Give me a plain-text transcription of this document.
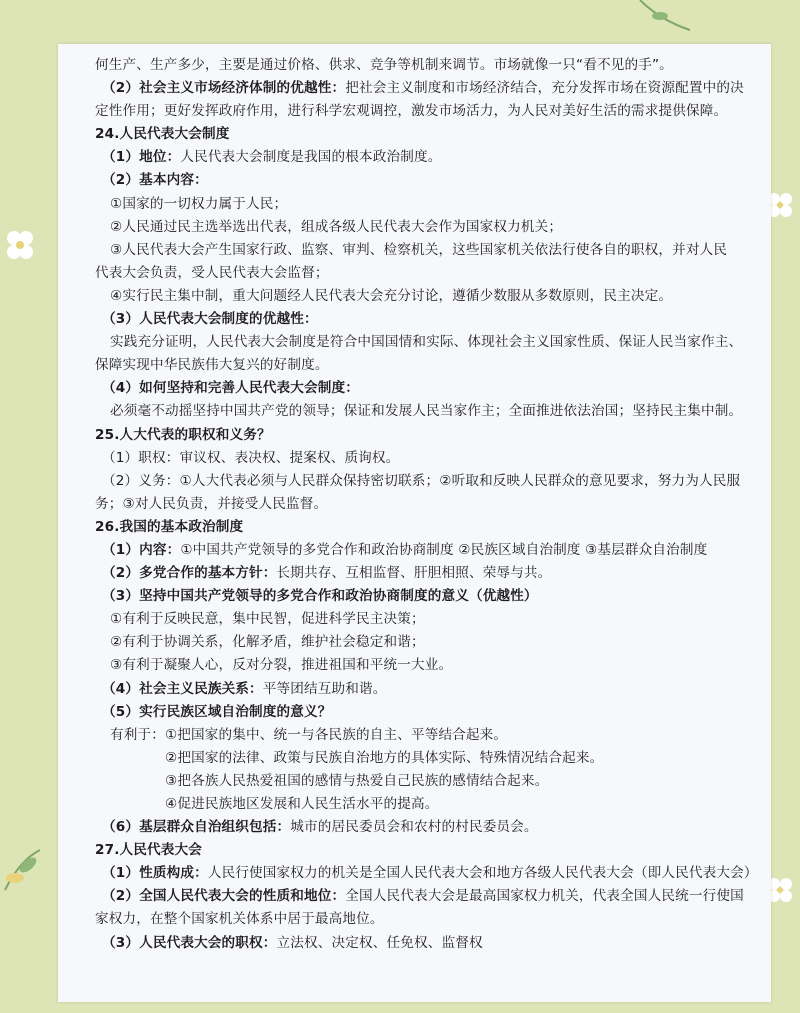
何生产、生产多少，主要是通过价格、供求、竞争等机制来调节。市场就像一只“看不见的手”。
（2）社会主义市场经济体制的优越性：把社会主义制度和市场经济结合，充分发挥市场在资源配置中的决
定性作用；更好发挥政府作用，进行科学宏观调控，激发市场活力，为人民对美好生活的需求提供保障。
24.人民代表大会制度
（1）地位：人民代表大会制度是我国的根本政治制度。
（2）基本内容：
①国家的一切权力属于人民；
②人民通过民主选举选出代表，组成各级人民代表大会作为国家权力机关；
③人民代表大会产生国家行政、监察、审判、检察机关，这些国家机关依法行使各自的职权，并对人民
代表大会负责，受人民代表大会监督；
④实行民主集中制，重大问题经人民代表大会充分讨论，遵循少数服从多数原则，民主决定。
（3）人民代表大会制度的优越性：
实践充分证明，人民代表大会制度是符合中国国情和实际、体现社会主义国家性质、保证人民当家作主、
保障实现中华民族伟大复兴的好制度。
（4）如何坚持和完善人民代表大会制度：
必须毫不动摇坚持中国共产党的领导；保证和发展人民当家作主；全面推进依法治国；坚持民主集中制。
25.人大代表的职权和义务？
（1）职权：审议权、表决权、提案权、质询权。
（2）义务：①人大代表必须与人民群众保持密切联系；②听取和反映人民群众的意见要求，努力为人民服
务；③对人民负责，并接受人民监督。
26.我国的基本政治制度
（1）内容：①中国共产党领导的多党合作和政治协商制度 ②民族区域自治制度 ③基层群众自治制度
（2）多党合作的基本方针：长期共存、互相监督、肝胆相照、荣辱与共。
（3）坚持中国共产党领导的多党合作和政治协商制度的意义（优越性）
①有利于反映民意，集中民智，促进科学民主决策；
②有利于协调关系，化解矛盾，维护社会稳定和谐；
③有利于凝聚人心，反对分裂，推进祖国和平统一大业。
（4）社会主义民族关系：平等团结互助和谐。
（5）实行民族区域自治制度的意义？
有利于：①把国家的集中、统一与各民族的自主、平等结合起来。
②把国家的法律、政策与民族自治地方的具体实际、特殊情况结合起来。
③把各族人民热爱祖国的感情与热爱自己民族的感情结合起来。
④促进民族地区发展和人民生活水平的提高。
（6）基层群众自治组织包括：城市的居民委员会和农村的村民委员会。
27.人民代表大会
（1）性质构成：人民行使国家权力的机关是全国人民代表大会和地方各级人民代表大会（即人民代表大会）
（2）全国人民代表大会的性质和地位：全国人民代表大会是最高国家权力机关，代表全国人民统一行使国
家权力，在整个国家机关体系中居于最高地位。
（3）人民代表大会的职权：立法权、决定权、任免权、监督权
